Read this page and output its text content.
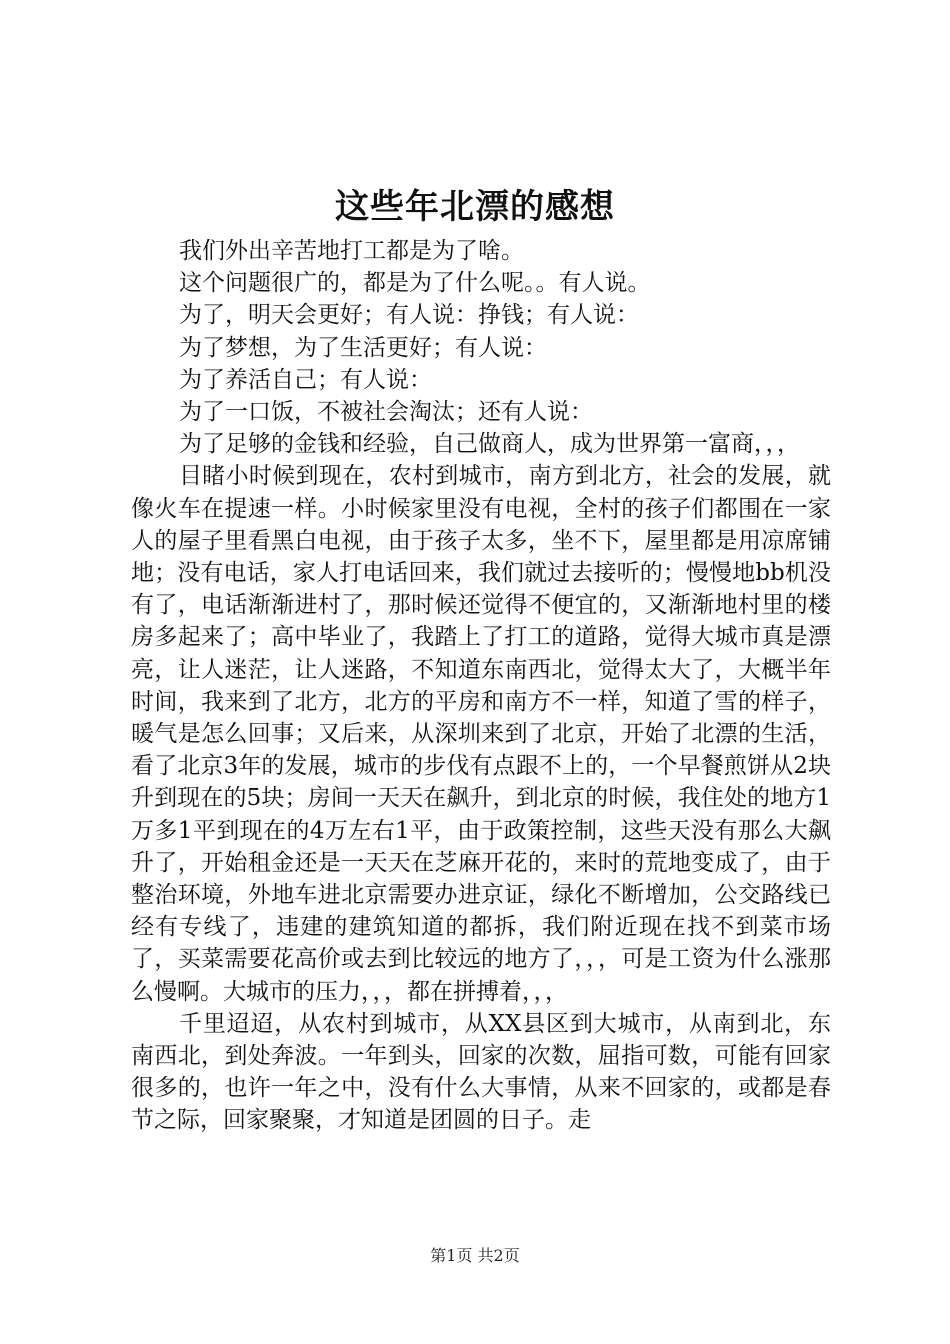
这些年北漂的感想

我们外出辛苦地打工都是为了啥。

这个问题很广的，都是为了什么呢。。有人说。

为了，明天会更好；有人说：挣钱；有人说：

为了梦想，为了生活更好；有人说：

为了养活自己；有人说：

为了一口饭，不被社会淘汰；还有人说：

为了足够的金钱和经验，自己做商人，成为世界第一富商，，，

目睹小时候到现在，农村到城市，南方到北方，社会的发展，就像火车在提速一样。小时候家里没有电视，全村的孩子们都围在一家人的屋子里看黑白电视，由于孩子太多，坐不下，屋里都是用凉席铺地；没有电话，家人打电话回来，我们就过去接听的；慢慢地bb机没有了，电话渐渐进村了，那时候还觉得不便宜的，又渐渐地村里的楼房多起来了；高中毕业了，我踏上了打工的道路，觉得大城市真是漂亮，让人迷茫，让人迷路，不知道东南西北，觉得太大了，大概半年时间，我来到了北方，北方的平房和南方不一样，知道了雪的样子，暖气是怎么回事；又后来，从深圳来到了北京，开始了北漂的生活，看了北京3年的发展，城市的步伐有点跟不上的，一个早餐煎饼从2块升到现在的5块；房间一天天在飙升，到北京的时候，我住处的地方1万多1平到现在的4万左右1平，由于政策控制，这些天没有那么大飙升了，开始租金还是一天天在芝麻开花的，来时的荒地变成了，由于整治环境，外地车进北京需要办进京证，绿化不断增加，公交路线已经有专线了，违建的建筑知道的都拆，我们附近现在找不到菜市场了，买菜需要花高价或去到比较远的地方了，，，可是工资为什么涨那么慢啊。大城市的压力，，，都在拼搏着，，，

千里迢迢，从农村到城市，从XX县区到大城市，从南到北，东南西北，到处奔波。一年到头，回家的次数，屈指可数，可能有回家很多的，也许一年之中，没有什么大事情，从来不回家的，或都是春节之际，回家聚聚，才知道是团圆的日子。走

第1页 共2页
